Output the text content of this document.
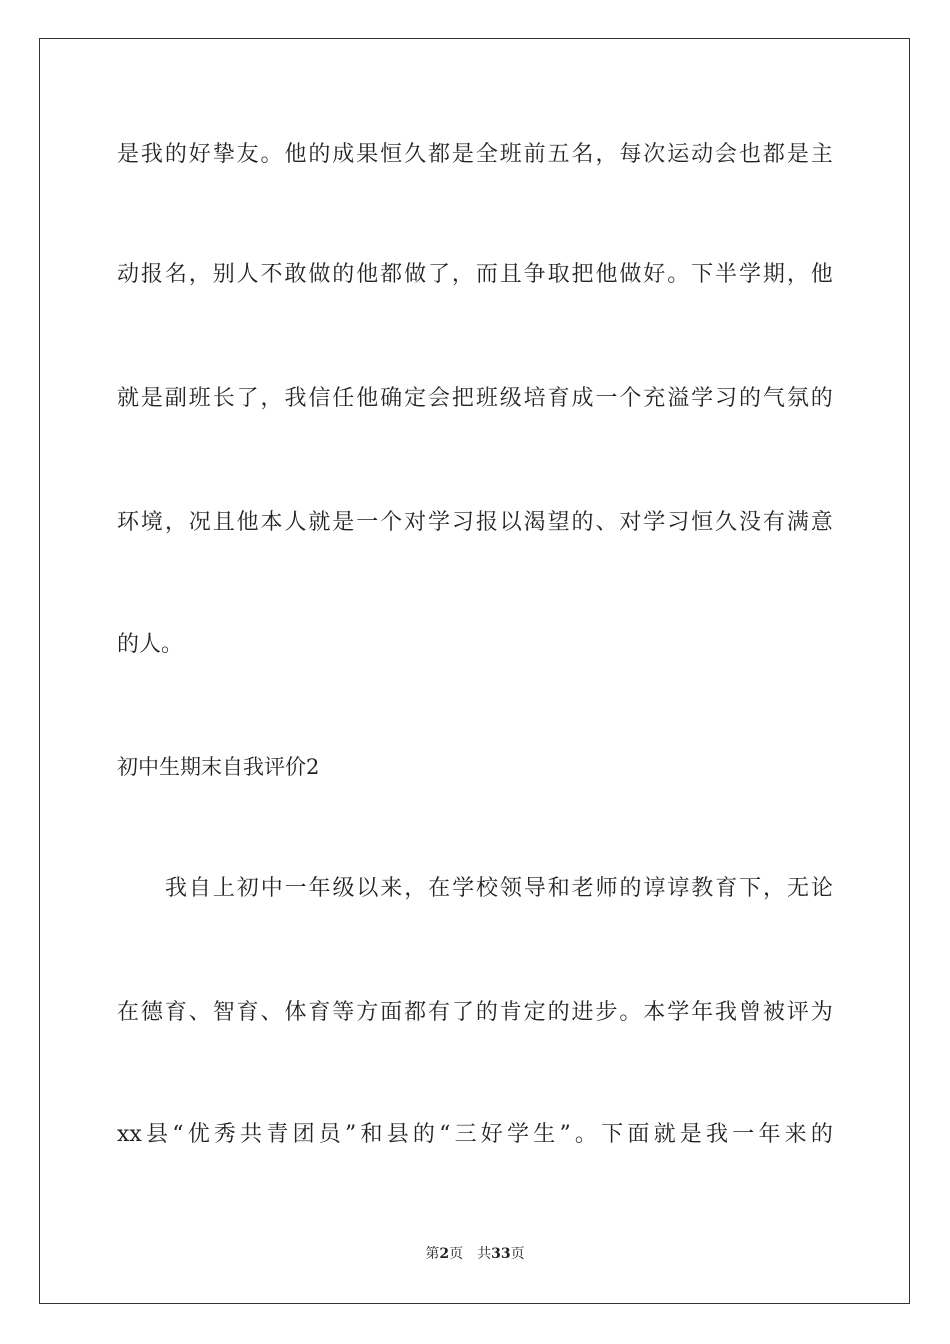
是 我 的 好 挚 友 。 他 的 成 果 恒 久 都 是 全 班 前 五 名 ， 每 次 运 动 会 也 都 是 主
动 报 名 ， 别 人 不 敢 做 的 他 都 做 了 ， 而 且 争 取 把 他 做 好 。 下 半 学 期 ， 他
就 是 副 班 长 了 ， 我 信 任 他 确 定 会 把 班 级 培 育 成 一 个 充 溢 学 习 的 气 氛 的
环 境 ， 况 且 他 本 人 就 是 一 个 对 学 习 报 以 渴 望 的 、 对 学 习 恒 久 没 有 满 意
的人。
初中生期末自我评价2
我 自 上 初 中 一 年 级 以 来 ， 在 学 校 领 导 和 老 师 的 谆 谆 教 育 下 ， 无 论
在 德 育 、 智 育 、 体 育 等 方 面 都 有 了 的 肯 定 的 进 步 。 本 学 年 我 曾 被 评 为
xx 县 “ 优 秀 共 青 团 员 ” 和 县 的 “ 三 好 学 生 ” 。 下 面 就 是 我 一 年 来 的
第2页　共33页
